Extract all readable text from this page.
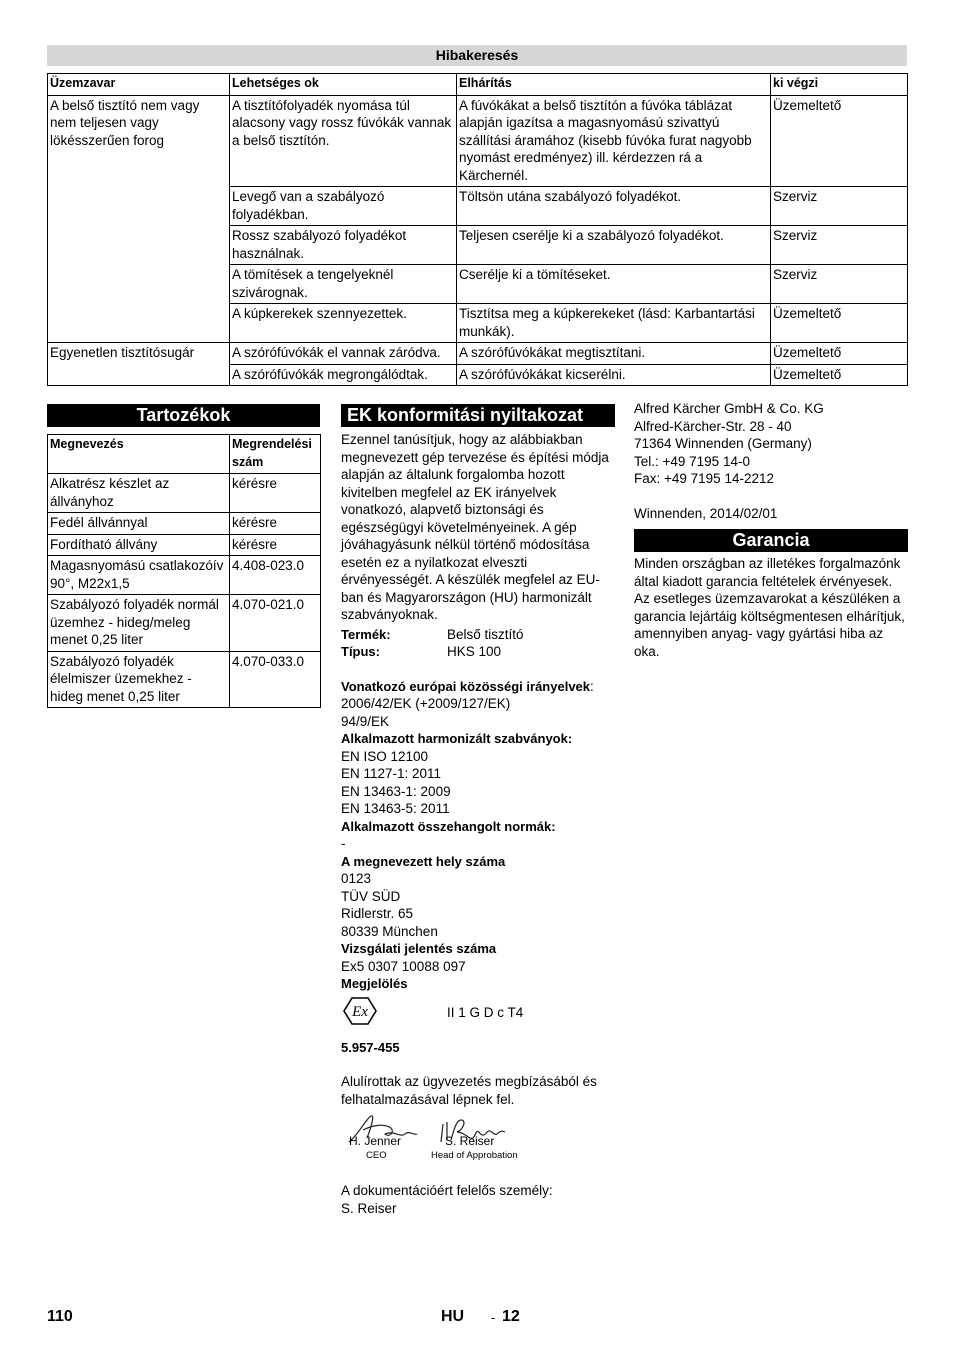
Hibakeresés
Üzemzavar	Lehetséges ok	Elhárítás	ki végzi
A belső tisztító nem vagy nem teljesen vagy lökésszerűen forog	A tisztítófolyadék nyomása túl alacsony vagy rossz fúvókák vannak a belső tisztítón.	A fúvókákat a belső tisztítón a fúvóka táblázat alapján igazítsa a magasnyomású szivattyú szállítási áramához (kisebb fúvóka furat nagyobb nyomást eredményez) ill. kérdezzen rá a Kärchernél.	Üzemeltető
	Levegő van a szabályozó folyadékban.	Töltsön utána szabályozó folyadékot.	Szerviz
	Rossz szabályozó folyadékot használnak.	Teljesen cserélje ki a szabályozó folyadékot.	Szerviz
	A tömítések a tengelyeknél szivárognak.	Cserélje ki a tömítéseket.	Szerviz
	A kúpkerekek szennyezettek.	Tisztítsa meg a kúpkerekeket (lásd: Karbantartási munkák).	Üzemeltető
Egyenetlen tisztítósugár	A szórófúvókák el vannak záródva.	A szórófúvókákat megtisztítani.	Üzemeltető
	A szórófúvókák megrongálódtak.	A szórófúvókákat kicserélni.	Üzemeltető
Tartozékok
Megnevezés	Megrendelési szám
Alkatrész készlet az állványhoz	kérésre
Fedél állvánnyal	kérésre
Fordítható állvány	kérésre
Magasnyomású csatlakozóív 90°, M22x1,5	4.408-023.0
Szabályozó folyadék normál üzemhez - hideg/meleg menet 0,25 liter	4.070-021.0
Szabályozó folyadék élelmiszer üzemekhez - hideg menet 0,25 liter	4.070-033.0
EK konformitási nyiltakozat
Ezennel tanúsítjuk, hogy az alábbiakban megnevezett gép tervezése és építési módja alapján az általunk forgalomba hozott kivitelben megfelel az EK irányelvek vonatkozó, alapvető biztonsági és egészségügyi követelményeinek. A gép jóváhagyásunk nélkül történő módosítása esetén ez a nyilatkozat elveszti érvényességét. A készülék megfelel az EU-ban és Magyarországon (HU) harmonizált szabványoknak.
Termék:	Belső tisztító
Típus:	HKS 100
Vonatkozó európai közösségi irányelvek:
2006/42/EK (+2009/127/EK)
94/9/EK
Alkalmazott harmonizált szabványok:
EN ISO 12100
EN 1127-1: 2011
EN 13463-1: 2009
EN 13463-5: 2011
Alkalmazott összehangolt normák:
-
A megnevezett hely száma
0123
TÜV SÜD
Ridlerstr. 65
80339 München
Vizsgálati jelentés száma
Ex5 0307 10088 097
Megjelölés
Ex	II 1 G D c T4
5.957-455
Alulírottak az ügyvezetés megbízásából és felhatalmazásával lépnek fel.
H. Jenner
CEO
S. Reiser
Head of Approbation
A dokumentációért felelős személy:
S. Reiser
Alfred Kärcher GmbH & Co. KG
Alfred-Kärcher-Str. 28 - 40
71364 Winnenden (Germany)
Tel.: +49 7195 14-0
Fax: +49 7195 14-2212
Winnenden, 2014/02/01
Garancia
Minden országban az illetékes forgalmazónk által kiadott garancia feltételek érvényesek. Az esetleges üzemzavarokat a készüléken a garancia lejártáig költségmentesen elhárítjuk, amennyiben anyag- vagy gyártási hiba az oka.
110	HU - 12
